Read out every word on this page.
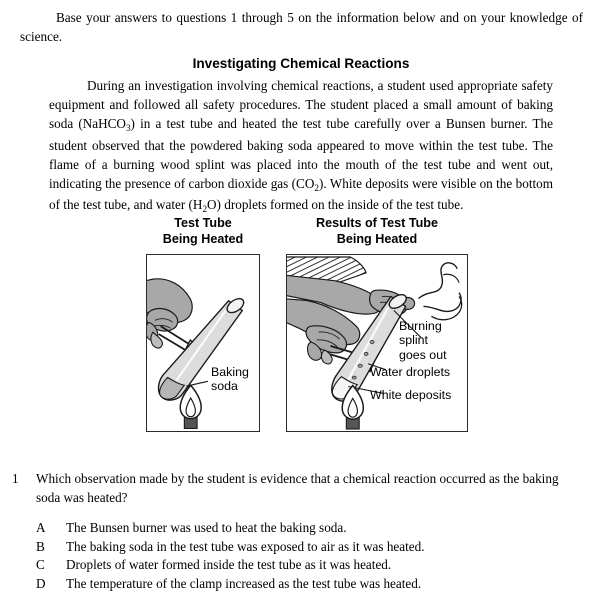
Base your answers to questions 1 through 5 on the information below and on your knowledge of science.
Investigating Chemical Reactions
During an investigation involving chemical reactions, a student used appropriate safety equipment and followed all safety procedures. The student placed a small amount of baking soda (NaHCO$_3$) in a test tube and heated the test tube carefully over a Bunsen burner. The student observed that the powdered baking soda appeared to move within the test tube. The flame of a burning wood splint was placed into the mouth of the test tube and went out, indicating the presence of carbon dioxide gas $(CO_2)$. White deposits were visible on the bottom of the test tube, and water $(H_2O)$ droplets formed on the inside of the test tube.
Test Tube
Being Heated
Baking
soda
Results of Test Tube
Being Heated
Burning
splint
goes out
Water droplets
White deposits
1 Which observation made by the student is evidence that a chemical reaction occurred as the baking soda was heated?
A The Bunsen burner was used to heat the baking soda.
B The baking soda in the test tube was exposed to air as it was heated.
C Droplets of water formed inside the test tube as it was heated.
D The temperature of the clamp increased as the test tube was heated.
